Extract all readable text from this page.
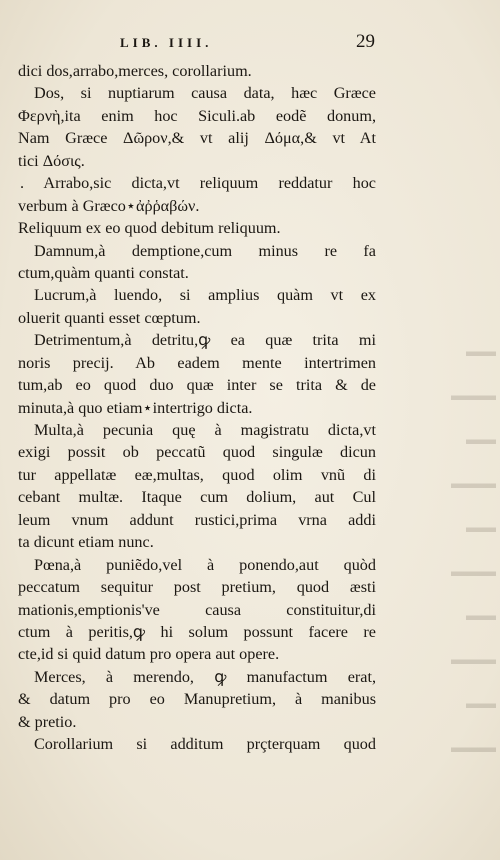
▬▬
▬▬▬
▬▬
▬▬▬
▬▬
▬▬▬
▬▬
▬▬▬
▬▬
▬▬▬
LIB. IIII.	29
dici dos,arrabo,merces, corollarium.
Dos, si nuptiarum causa data, hæc Græce
Φερνὴ,ita enim hoc Siculi.ab eodẽ donum,
Nam Græce Δῶρον,& vt alij Δόμα,& vt At
tici Δόσις.
. Arrabo,sic dicta,vt reliquum reddatur hoc
verbum à Græco⋆ἀῤῥαβών.
Reliquum ex eo quod debitum reliquum.
Damnum,à demptione,cum minus re fa
ctum,quàm quanti constat.
Lucrum,à luendo, si amplius quàm vt ex
oluerit quanti esset cœptum.
Detrimentum,à detritu,ꝙ ea quæ trita mi
noris precij. Ab eadem mente intertrimen
tum,ab eo quod duo quæ inter se trita & de
minuta,à quo etiam⋆intertrigo dicta.
Multa,à pecunia quę à magistratu dicta,vt
exigi possit ob peccatũ quod singulæ dicun
tur appellatæ eæ,multas, quod olim vnũ di
cebant multæ. Itaque cum dolium, aut Cul
leum vnum addunt rustici,prima vrna addi
ta dicunt etiam nunc.
Pœna,à puniẽdo,vel à ponendo,aut quòd
peccatum sequitur post pretium, quod æsti
mationis,emptionis've causa constituitur,di
ctum à peritis,ꝙ hi solum possunt facere re
cte,id si quid datum pro opera aut opere.
Merces, à merendo, ꝙ manufactum erat,
& datum pro eo Manupretium, à manibus
& pretio.
Corollarium si additum prçterquam quod
